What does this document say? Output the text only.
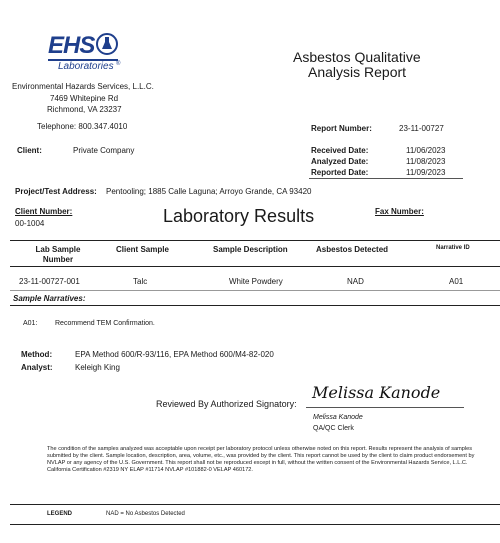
EHS
Laboratories ®
Environmental Hazards Services, L.L.C.
7469 Whitepine Rd
Richmond, VA 23237
Telephone: 800.347.4010
Asbestos Qualitative
Analysis Report
Report Number:	23-11-00727
Client:	Private Company	Received Date:	11/06/2023
Analyzed Date:	11/08/2023
Reported Date:	11/09/2023
Project/Test Address: Pentooling; 1885 Calle Laguna; Arroyo Grande, CA 93420
Client Number:
00-1004	Laboratory Results	Fax Number:
Lab Sample Number
Client Sample	Sample Description	Asbestos Detected	Narrative ID
23-11-00727-001	Talc	White Powdery	NAD	A01
Sample Narratives:
A01:	Recommend TEM Confirmation.
Method:	EPA Method 600/R-93/116, EPA Method 600/M4-82-020
Analyst:	Keleigh King
Reviewed By Authorized Signatory:
Melissa Kanode
Melissa Kanode
QA/QC Clerk
The condition of the samples analyzed was acceptable upon receipt per laboratory protocol unless otherwise noted on this report. Results represent the analysis of samples submitted by the client. Sample location, description, area, volume, etc., was provided by the client. This report cannot be used by the client to claim product endorsement by NVLAP or any agency of the U.S. Government. This report shall not be reproduced except in full, without the written consent of the Environmental Hazards Service, L.L.C. California Certification #2319 NY ELAP #11714 NVLAP #101882-0 VELAP 460172.
LEGEND	NAD = No Asbestos Detected
